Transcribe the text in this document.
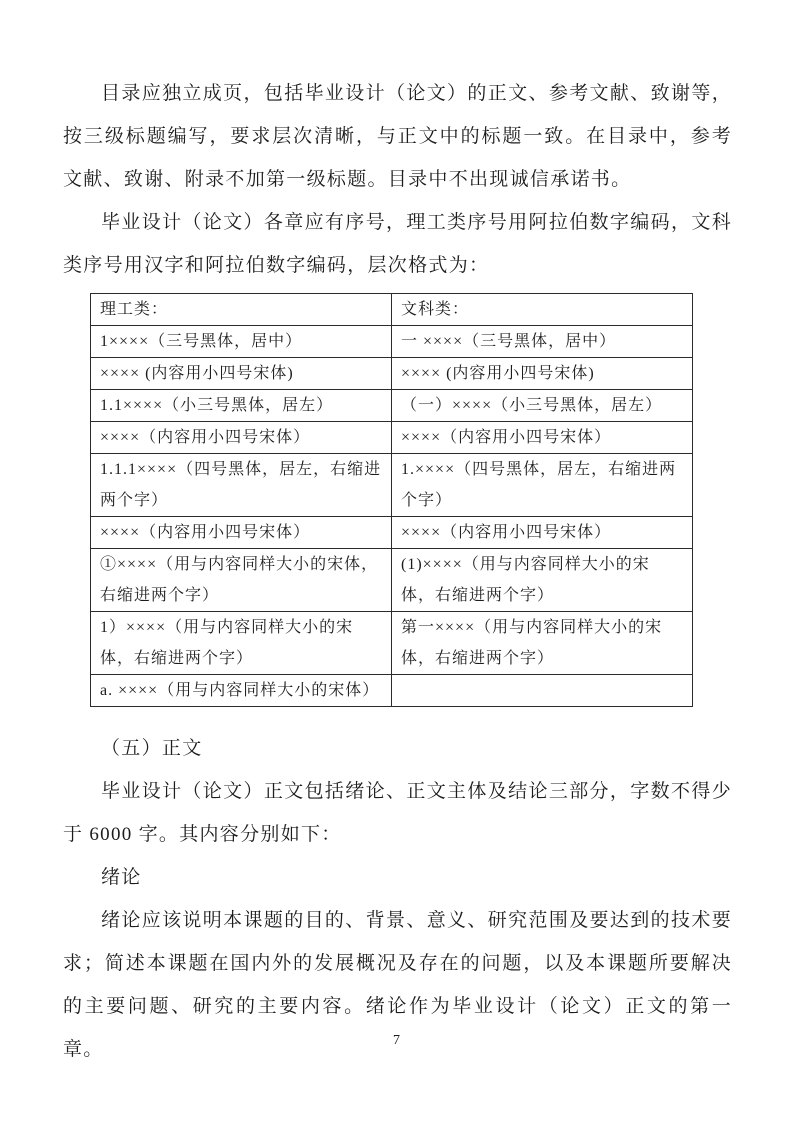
目录应独立成页，包括毕业设计（论文）的正文、参考文献、致谢等，按三级标题编写，要求层次清晰，与正文中的标题一致。在目录中，参考文献、致谢、附录不加第一级标题。目录中不出现诚信承诺书。

毕业设计（论文）各章应有序号，理工类序号用阿拉伯数字编码，文科类序号用汉字和阿拉伯数字编码，层次格式为：

理工类：	文科类：
1××××（三号黑体，居中）	一 ××××（三号黑体，居中）
×××× (内容用小四号宋体)	×××× (内容用小四号宋体)
1.1××××（小三号黑体，居左）	（一）××××（小三号黑体，居左）
××××（内容用小四号宋体）	××××（内容用小四号宋体）
1.1.1××××（四号黑体，居左，右缩进两个字）	1.××××（四号黑体，居左，右缩进两个字）
××××（内容用小四号宋体）	××××（内容用小四号宋体）
①××××（用与内容同样大小的宋体，右缩进两个字）	(1)××××（用与内容同样大小的宋体，右缩进两个字）
1）××××（用与内容同样大小的宋体，右缩进两个字）	第一××××（用与内容同样大小的宋体，右缩进两个字）
a. ××××（用与内容同样大小的宋体）	

（五）正文

毕业设计（论文）正文包括绪论、正文主体及结论三部分，字数不得少于 6000 字。其内容分别如下：

绪论

绪论应该说明本课题的目的、背景、意义、研究范围及要达到的技术要求；简述本课题在国内外的发展概况及存在的问题，以及本课题所要解决的主要问题、研究的主要内容。绪论作为毕业设计（论文）正文的第一章。	7
